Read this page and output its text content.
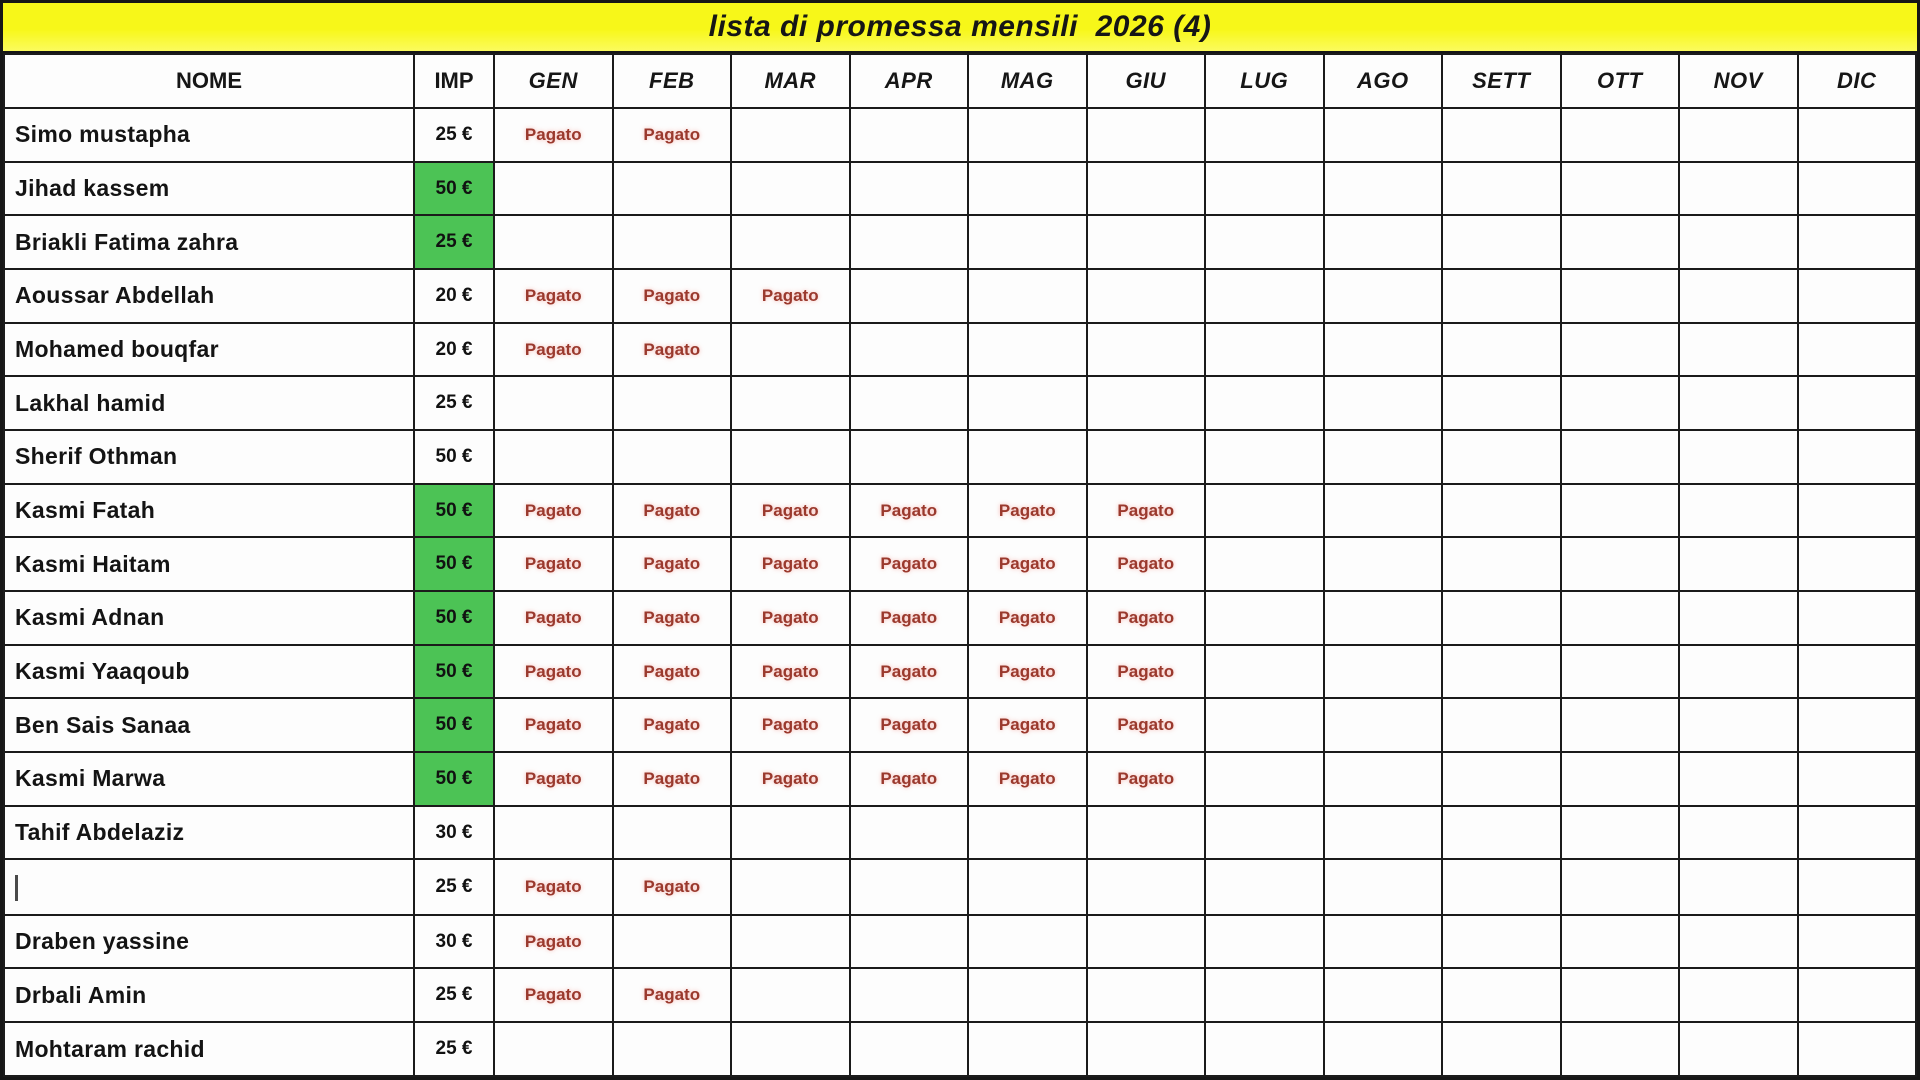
lista di promessa mensili  2026 (4)
NOME	IMP	GEN	FEB	MAR	APR	MAG	GIU	LUG	AGO	SETT	OTT	NOV	DIC
Simo mustapha	25 €	Pagato	Pagato										
Jihad kassem	50 €												
Briakli Fatima zahra	25 €												
Aoussar Abdellah	20 €	Pagato	Pagato	Pagato									
Mohamed bouqfar	20 €	Pagato	Pagato										
Lakhal hamid	25 €												
Sherif Othman	50 €												
Kasmi Fatah	50 €	Pagato	Pagato	Pagato	Pagato	Pagato	Pagato						
Kasmi Haitam	50 €	Pagato	Pagato	Pagato	Pagato	Pagato	Pagato						
Kasmi Adnan	50 €	Pagato	Pagato	Pagato	Pagato	Pagato	Pagato						
Kasmi Yaaqoub	50 €	Pagato	Pagato	Pagato	Pagato	Pagato	Pagato						
Ben Sais Sanaa	50 €	Pagato	Pagato	Pagato	Pagato	Pagato	Pagato						
Kasmi Marwa	50 €	Pagato	Pagato	Pagato	Pagato	Pagato	Pagato						
Tahif Abdelaziz	30 €												
	25 €	Pagato	Pagato										
Draben yassine	30 €	Pagato											
Drbali Amin	25 €	Pagato	Pagato										
Mohtaram rachid	25 €												
